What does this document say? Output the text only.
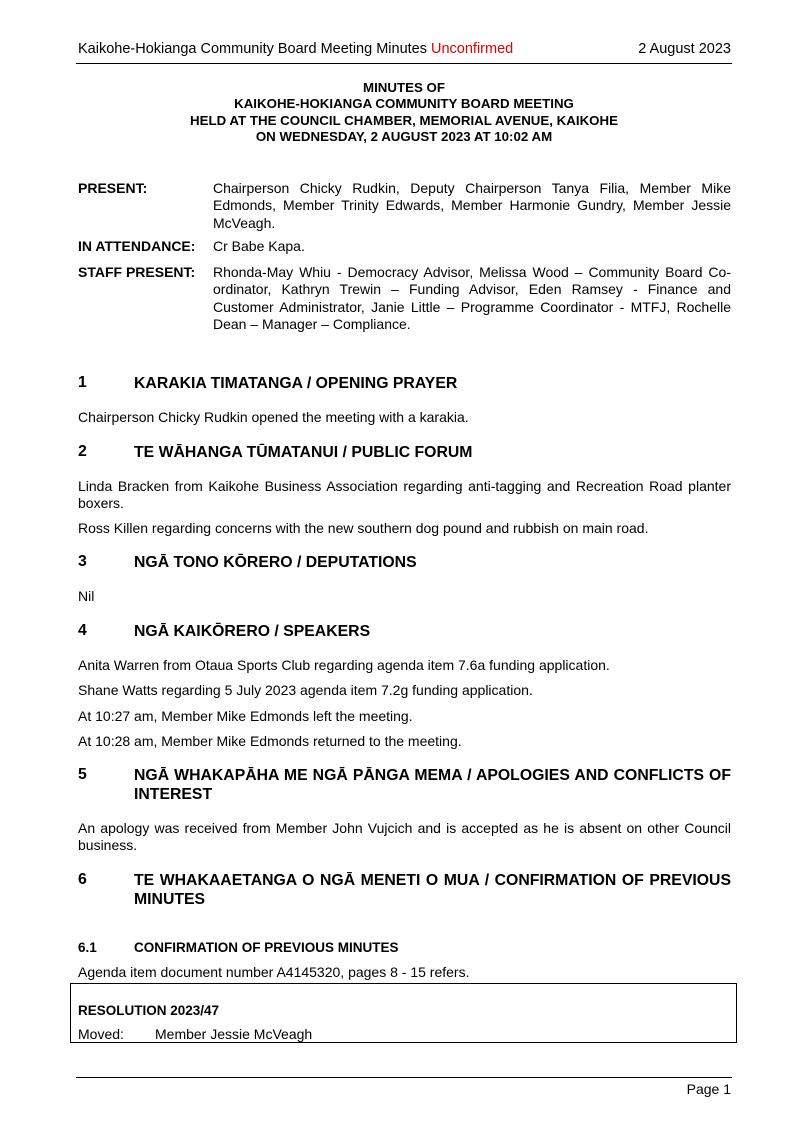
Kaikohe-Hokianga Community Board Meeting Minutes Unconfirmed	2 August 2023
MINUTES OF
KAIKOHE-HOKIANGA COMMUNITY BOARD MEETING
HELD AT THE COUNCIL CHAMBER, MEMORIAL AVENUE, KAIKOHE
ON WEDNESDAY, 2 AUGUST 2023 AT 10:02 AM
PRESENT:	Chairperson Chicky Rudkin, Deputy Chairperson Tanya Filia, Member Mike Edmonds, Member Trinity Edwards, Member Harmonie Gundry, Member Jessie McVeagh.
IN ATTENDANCE: Cr Babe Kapa.
STAFF PRESENT: Rhonda-May Whiu - Democracy Advisor, Melissa Wood – Community Board Co-ordinator, Kathryn Trewin – Funding Advisor, Eden Ramsey - Finance and Customer Administrator, Janie Little – Programme Coordinator - MTFJ, Rochelle Dean – Manager – Compliance.
1	KARAKIA TIMATANGA / OPENING PRAYER
Chairperson Chicky Rudkin opened the meeting with a karakia.
2	TE WĀHANGA TŪMATANUI / PUBLIC FORUM
Linda Bracken from Kaikohe Business Association regarding anti-tagging and Recreation Road planter boxers.
Ross Killen regarding concerns with the new southern dog pound and rubbish on main road.
3	NGĀ TONO KŌRERO / DEPUTATIONS
Nil
4	NGĀ KAIKŌRERO / SPEAKERS
Anita Warren from Otaua Sports Club regarding agenda item 7.6a funding application.
Shane Watts regarding 5 July 2023 agenda item 7.2g funding application.
At 10:27 am, Member Mike Edmonds left the meeting.
At 10:28 am, Member Mike Edmonds returned to the meeting.
5	NGĀ WHAKAPĀHA ME NGĀ PĀNGA MEMA / APOLOGIES AND CONFLICTS OF INTEREST
An apology was received from Member John Vujcich and is accepted as he is absent on other Council business.
6	TE WHAKAAETANGA O NGĀ MENETI O MUA / CONFIRMATION OF PREVIOUS MINUTES
6.1	CONFIRMATION OF PREVIOUS MINUTES
Agenda item document number A4145320, pages 8 - 15 refers.
RESOLUTION 2023/47
Moved: Member Jessie McVeagh
Page 1
